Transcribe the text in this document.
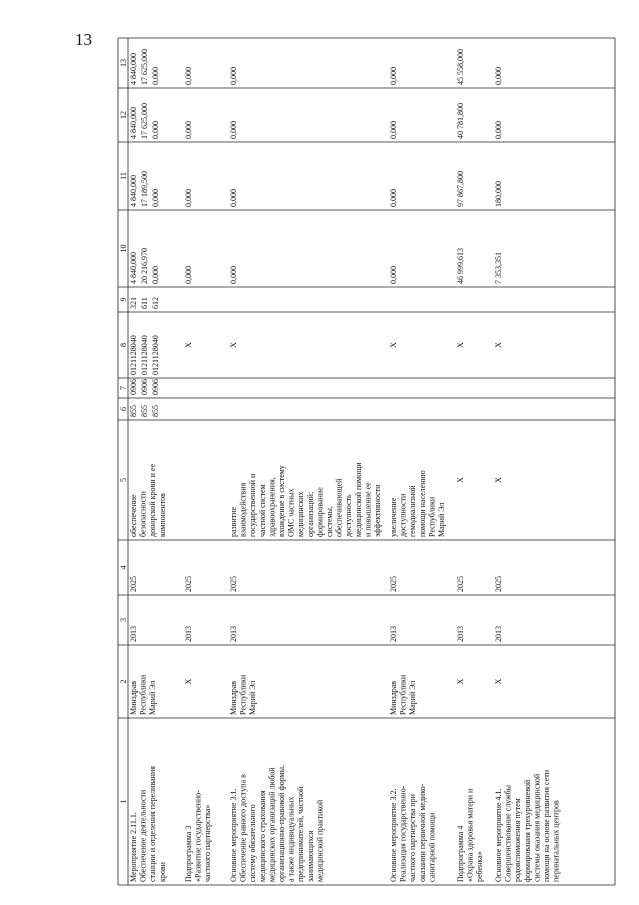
13
1
2
3
4
5
6
7
8
9
10
11
12
13
Мероприятие 2.11.1. Обеспечение деятельности станции и отделения переливания крови
Минздрав Республики Марий Эл
обеспечение безопасности донорской крови и ее компонентов
2013
2025
855
0906
0121128040
321
4 840,000
4 840,000
4 840,000
4 840,000
855
0906
0121128040
611
20 216,970
17 189,500
17 625,000
17 625,000
855
0906
0121128040
612
0,000
0,000
0,000
0,000
Подпрограмма 3 «Развитие государственно- частного партнерства»
Х
2013
2025
Х
0,000
0,000
0,000
0,000
Основное мероприятие 3.1. Обеспечение равного доступа в систему обязательного медицинского страхования медицинских организаций любой организационно-правовой формы, а также индивидуальных предпринимателей, частной занимающихся медицинской практикой
Минздрав Республики Марий Эл
развитие взаимодействия государственной и частной систем здравоохранения, вхождение в систему ОМС частных медицинских организаций; формирование системы, обеспечивающей доступность медицинской помощи и повышение ее эффективности
2013
2025
Х
0,000
0,000
0,000
0,000
Основное мероприятие 3.2. Реализация государственно- частного партнерства при оказании первичной медико- санитарной помощи
Минздрав Республики Марий Эл
увеличение доступности гемодиализной помощи населению Республики Марий Эл
2013
2025
Х
0,000
0,000
0,000
0,000
Подпрограмма 4 «Охрана здоровья матери и ребенка»
Х
Х
2013
2025
Х
46 999,613
97 867,800
40 781,800
45 558,000
Основное мероприятие 4.1. Совершенствование службы родовспоможения путем формирования трехуровневой системы оказания медицинской помощи на основе развития сети перинатальных центров
Х
Х
2013
2025
Х
7 353,351
180,000
0,000
0,000
